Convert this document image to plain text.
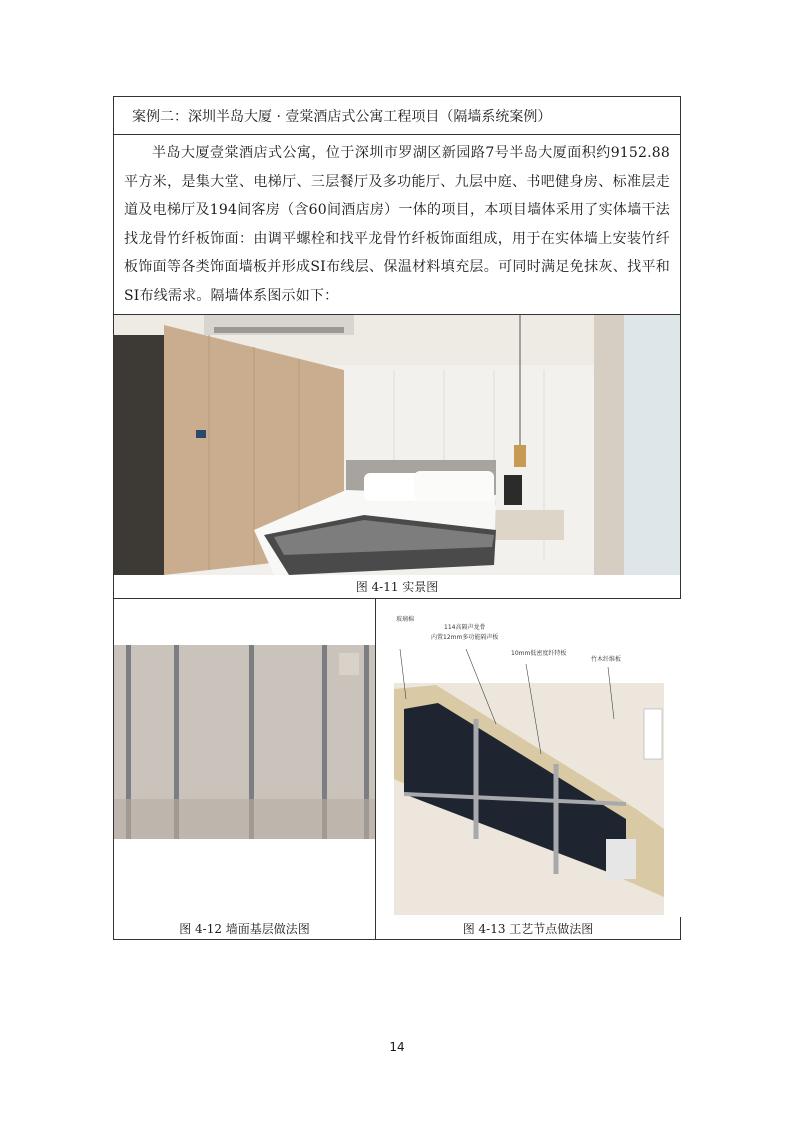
案例二：深圳半岛大厦 · 壹棠酒店式公寓工程项目（隔墙系统案例）
半岛大厦壹棠酒店式公寓，位于深圳市罗湖区新园路7号半岛大厦面积约9152.88平方米，是集大堂、电梯厅、三层餐厅及多功能厅、九层中庭、书吧健身房、标准层走道及电梯厅及194间客房（含60间酒店房）一体的项目，本项目墙体采用了实体墙干法找龙骨竹纤板饰面：由调平螺栓和找平龙骨竹纤板饰面组成，用于在实体墙上安装竹纤板饰面等各类饰面墙板并形成SI布线层、保温材料填充层。可同时满足免抹灰、找平和SI布线需求。隔墙体系图示如下：
图 4-11 实景图
玻璃棉
114高隔声龙骨
内置12mm多功能隔声板
10mm低密度纤特板
竹木纤维板
图 4-12 墙面基层做法图	图 4-13 工艺节点做法图
14
